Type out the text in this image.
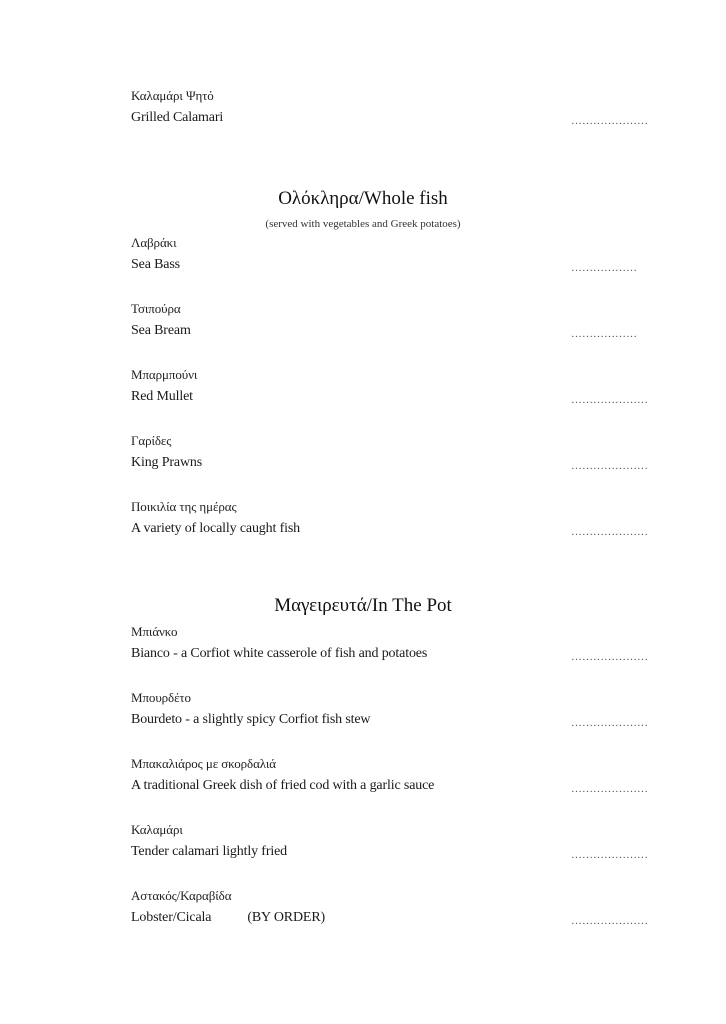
Καλαμάρι Ψητό
Grilled Calamari	…………………
Ολόκληρα/Whole fish
(served with vegetables and Greek potatoes)
Λαβράκι
Sea Bass	………………
Τσιπούρα
Sea Bream	………………
Μπαρμπούνι
Red Mullet	…………………
Γαρίδες
King Prawns	…………………
Ποικιλία της ημέρας
A variety of locally caught fish	…………………
Μαγειρευτά/In The Pot
Μπιάνκο
Bianco - a Corfiot white casserole of fish and potatoes	…………………
Μπουρδέτο
Bourdeto - a slightly spicy Corfiot fish stew	…………………
Μπακαλιάρος με σκορδαλιά
A traditional Greek dish of fried cod with a garlic sauce	…………………
Καλαμάρι
Tender calamari lightly fried	…………………
Αστακός/Καραβίδα
Lobster/Cicala	(BY ORDER)	…………………
